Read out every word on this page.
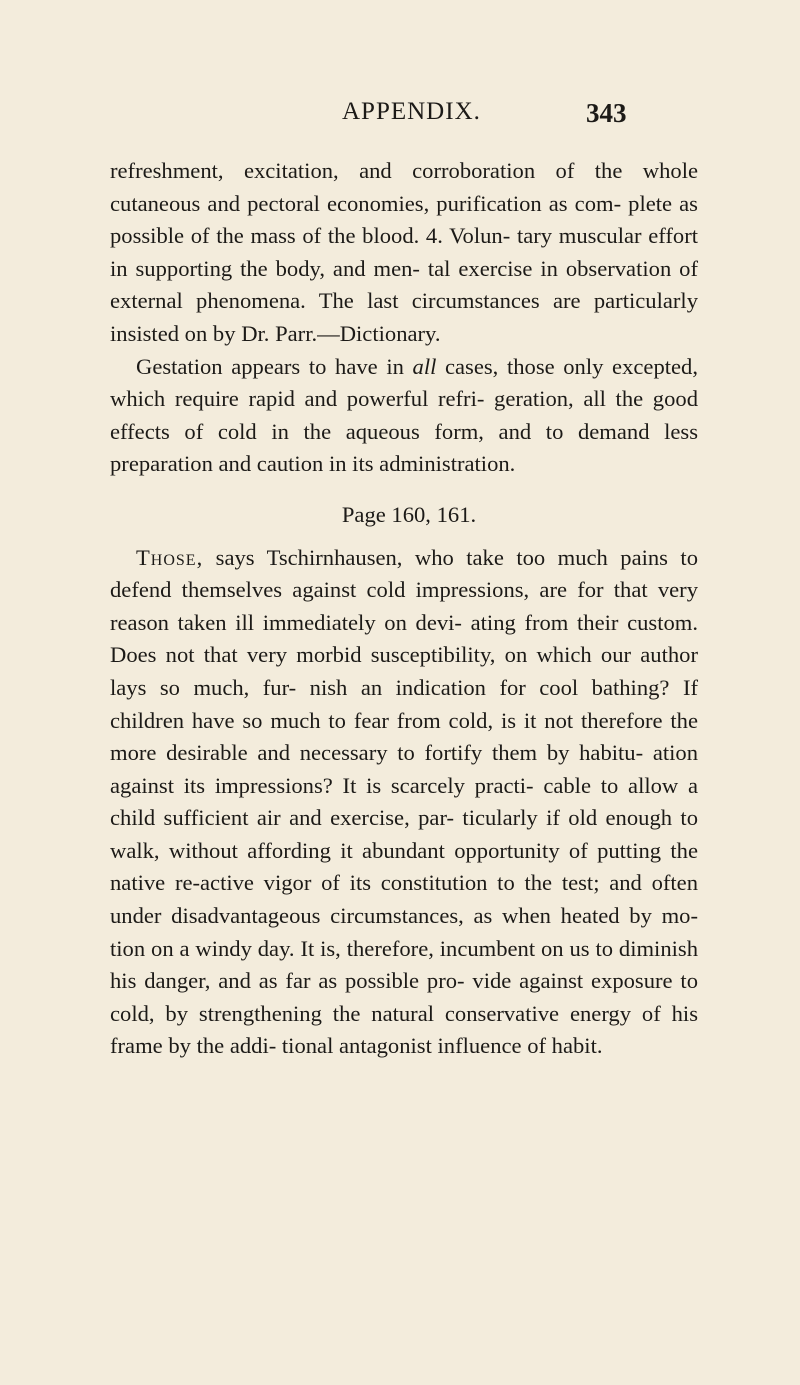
APPENDIX.	343

refreshment, excitation, and corroboration of the whole cutaneous and pectoral economies, purification as com- plete as possible of the mass of the blood. 4. Volun- tary muscular effort in supporting the body, and men- tal exercise in observation of external phenomena. The last circumstances are particularly insisted on by Dr. Parr.—Dictionary.

Gestation appears to have in all cases, those only excepted, which require rapid and powerful refri- geration, all the good effects of cold in the aqueous form, and to demand less preparation and caution in its administration.

Page 160, 161.

Those, says Tschirnhausen, who take too much pains to defend themselves against cold impressions, are for that very reason taken ill immediately on devi- ating from their custom. Does not that very morbid susceptibility, on which our author lays so much, fur- nish an indication for cool bathing? If children have so much to fear from cold, is it not therefore the more desirable and necessary to fortify them by habitu- ation against its impressions? It is scarcely practi- cable to allow a child sufficient air and exercise, par- ticularly if old enough to walk, without affording it abundant opportunity of putting the native re-active vigor of its constitution to the test; and often under disadvantageous circumstances, as when heated by mo- tion on a windy day. It is, therefore, incumbent on us to diminish his danger, and as far as possible pro- vide against exposure to cold, by strengthening the natural conservative energy of his frame by the addi- tional antagonist influence of habit.
